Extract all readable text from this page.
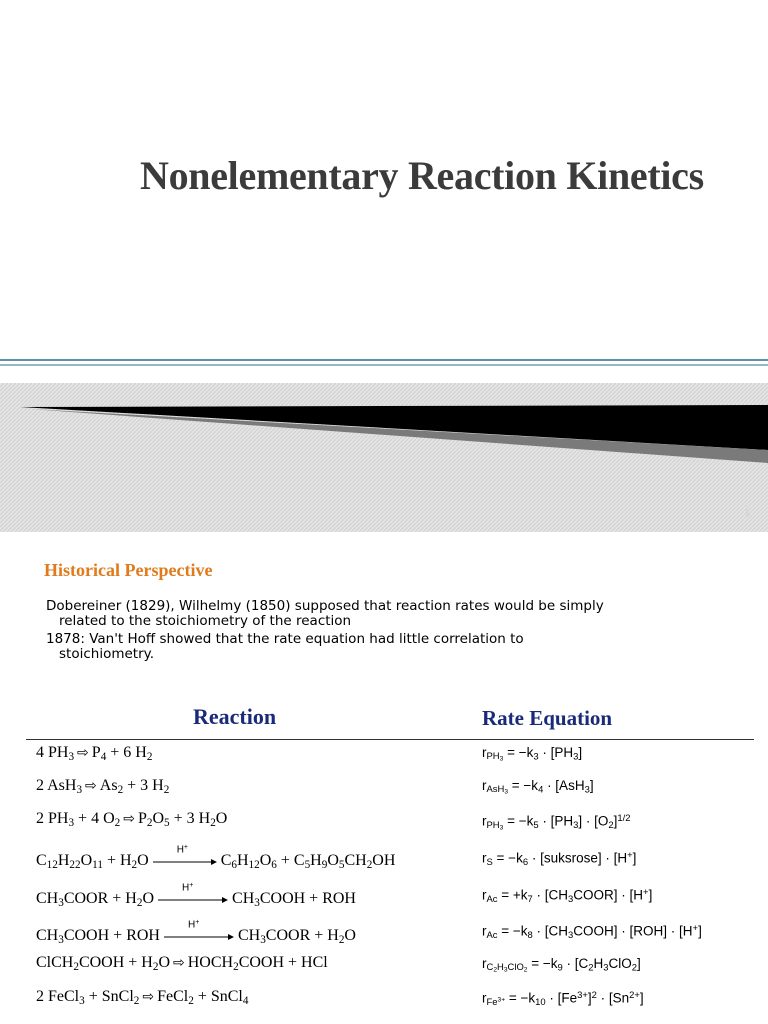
Nonelementary Reaction Kinetics
1
Historical Perspective
Dobereiner (1829), Wilhelmy (1850) supposed that reaction rates would be simply
related to the stoichiometry of the reaction
1878: Van't Hoff showed that the rate equation had little correlation to
stoichiometry.
Reaction	Rate Equation
4 $PH_3$ ⇨ $P_4 + 6$ $H_2$	$r_{PH_3} = -k_3 \cdot [PH_3]$
2 AsH$_3$ ⇨ $As_2 + 3$ $H_2$	$r_{AsH_3} = -k_4 \cdot [AsH_3]$
2 $PH_3 + 4$ $O_2$ ⇨ $P_2O_5 + 3$ $H_2O$	$r_{PH_3} = -k_5 \cdot [PH_3] \cdot [O_2]^{1/2}$
$C_{12}H_{22}O_{11} + H_2O$
H+
$C_6H_{12}O_6 + C_5H_9O_5CH_2OH$	$r_S = -k_6$ · [suksrose] · [H+]
$CH_3COOR + H_2O$
H+
$CH_3COOH$ + ROH	$r_{Ac} = +k_7$ · $[CH_3COOR] \cdot [H^+]$
$CH_3COOH$ + ROH
H+
$CH_3COOR + H_2O$	$r_{Ac} = -k_8$ · $[CH_3COOH] \cdot [ROH] \cdot [H^+]$
ClCH$_2$COOH + $H_2O$ ⇨ $HOCH_2COOH$ + HCl	$r_{C_2H_3ClO_2} = -k_9 \cdot [C_2H_3ClO_2]$
2 FeCl$_3$ + SnCl$_2$ ⇨ FeCl$_2$ + SnCl$_4$	$r_{Fe^{3+}} = -k_{10} \cdot [Fe^{3+}]^2 \cdot [Sn^{2+}]$
